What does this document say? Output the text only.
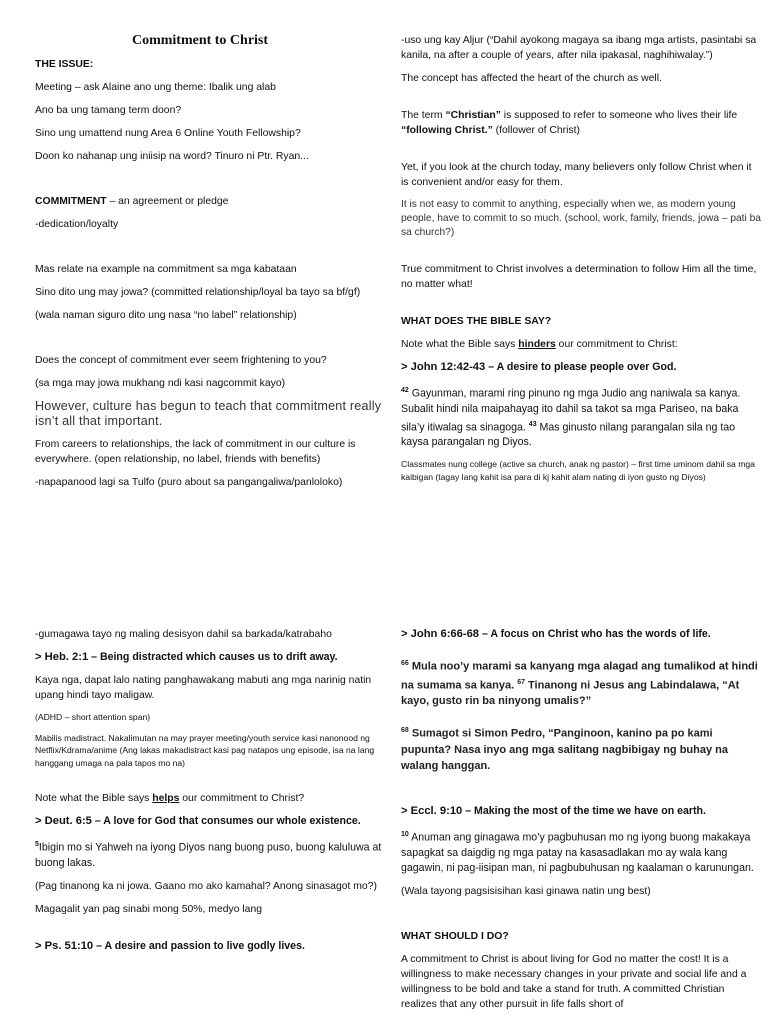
Commitment to Christ

THE ISSUE:

Meeting – ask Alaine ano ung theme: Ibalik ung alab

Ano ba ung tamang term doon?

Sino ung umattend nung Area 6 Online Youth Fellowship?

Doon ko nahanap ung iniisip na word? Tinuro ni Ptr. Ryan...

COMMITMENT – an agreement or pledge

-dedication/loyalty

Mas relate na example na commitment sa mga kabataan

Sino dito ung may jowa? (committed relationship/loyal ba tayo sa bf/gf)

(wala naman siguro dito ung nasa “no label” relationship)

Does the concept of commitment ever seem frightening to you?

(sa mga may jowa mukhang ndi kasi nagcommit kayo)

However, culture has begun to teach that commitment really isn’t all that important.

From careers to relationships, the lack of commitment in our culture is everywhere. (open relationship, no label, friends with benefits)

-napapanood lagi sa Tulfo (puro about sa pangangaliwa/panloloko)

-uso ung kay Aljur (“Dahil ayokong magaya sa ibang mga artists, pasintabi sa kanila, na after a couple of years, after nila ipakasal, naghihiwalay.”)

The concept has affected the heart of the church as well.

The term “Christian” is supposed to refer to someone who lives their life “following Christ.” (follower of Christ)

Yet, if you look at the church today, many believers only follow Christ when it is convenient and/or easy for them.

It is not easy to commit to anything, especially when we, as modern young people, have to commit to so much. (school, work, family, friends, jowa – pati ba sa church?)

True commitment to Christ involves a determination to follow Him all the time, no matter what!

WHAT DOES THE BIBLE SAY?

Note what the Bible says hinders our commitment to Christ:

> John 12:42-43 – A desire to please people over God.

$^{42}$ Gayunman, marami ring pinuno ng mga Judio ang naniwala sa kanya. Subalit hindi nila maipahayag ito dahil sa takot sa mga Pariseo, na baka sila’y itiwalag sa sinagoga. $^{43}$ Mas ginusto nilang parangalan sila ng tao kaysa parangalan ng Diyos.

Classmates nung college (active sa church, anak ng pastor) – first time uminom dahil sa mga kaibigan (tagay lang kahit isa para di kj kahit alam nating di iyon gusto ng Diyos)

-gumagawa tayo ng maling desisyon dahil sa barkada/katrabaho

> Heb. 2:1 – Being distracted which causes us to drift away.

Kaya nga, dapat lalo nating panghawakang mabuti ang mga narinig natin upang hindi tayo maligaw.

(ADHD – short attention span)

Mabilis madistract. Nakalimutan na may prayer meeting/youth service kasi nanonood ng Netflix/Kdrama/anime (Ang lakas makadistract kasi pag natapos ung episode, isa na lang hanggang umaga na pala tapos mo na)

Note what the Bible says helps our commitment to Christ?

> Deut. 6:5 – A love for God that consumes our whole existence.

$^5$Ibigin mo si Yahweh na iyong Diyos nang buong puso, buong kaluluwa at buong lakas.

(Pag tinanong ka ni jowa. Gaano mo ako kamahal? Anong sinasagot mo?)

Magagalit yan pag sinabi mong 50%, medyo lang

> Ps. 51:10 – A desire and passion to live godly lives.

> John 6:66-68 – A focus on Christ who has the words of life.

$^{66}$ Mula noo’y marami sa kanyang mga alagad ang tumalikod at hindi na sumama sa kanya. $^{67}$ Tinanong ni Jesus ang Labindalawa, “At kayo, gusto rin ba ninyong umalis?”

$^{68}$ Sumagot si Simon Pedro, “Panginoon, kanino pa po kami pupunta? Nasa inyo ang mga salitang nagbibigay ng buhay na walang hanggan.

> Eccl. 9:10 – Making the most of the time we have on earth.

$^{10}$ Anuman ang ginagawa mo’y pagbuhusan mo ng iyong buong makakaya sapagkat sa daigdig ng mga patay na kasasadlakan mo ay wala kang gagawin, ni pag-iisipan man, ni pagbubuhusan ng kaalaman o karunungan.

(Wala tayong pagsisisihan kasi ginawa natin ung best)

WHAT SHOULD I DO?

A commitment to Christ is about living for God no matter the cost! It is a willingness to make necessary changes in your private and social life and a willingness to be bold and take a stand for truth. A committed Christian realizes that any other pursuit in life falls short of
